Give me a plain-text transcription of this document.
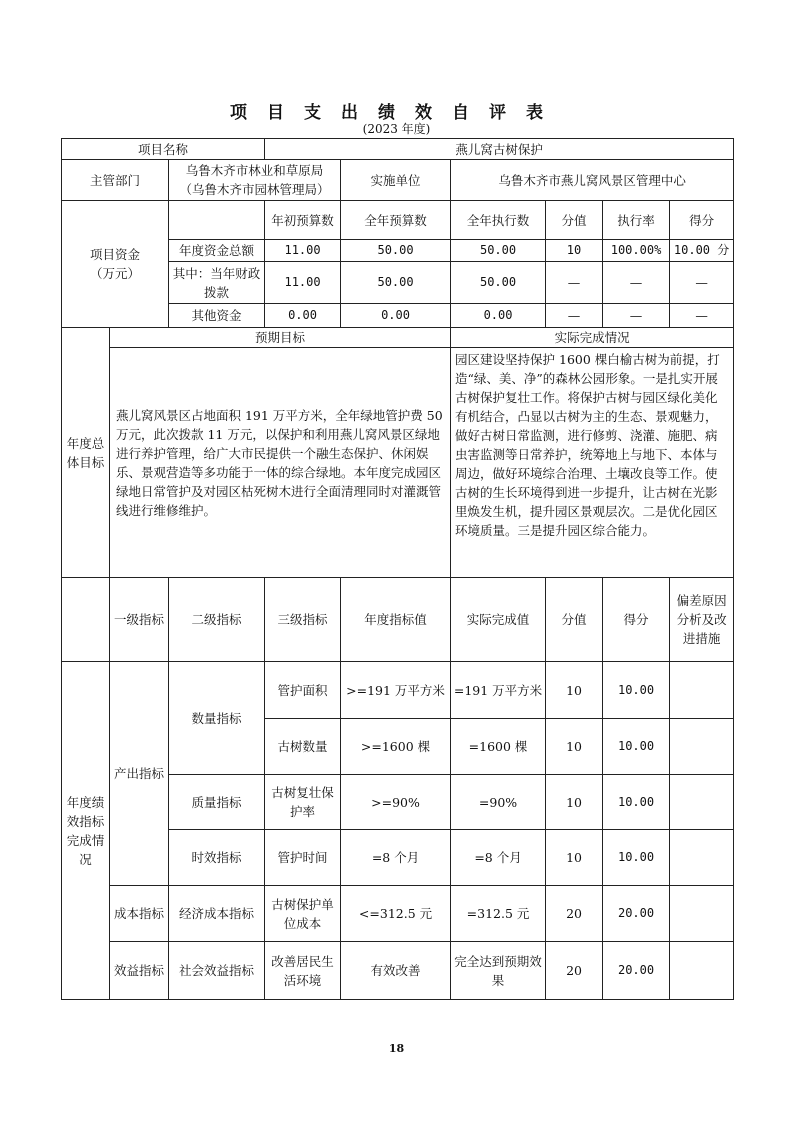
项目支出绩效自评表
(2023 年度)
项目名称			燕儿窝古树保护					
主管部门		乌鲁木齐市林业和草原局
（乌鲁木齐市园林管理局）		实施单位	乌鲁木齐市燕儿窝风景区管理中心			

项目资金
（万元）			年初预算数	全年预算数	全年执行数	分值	执行率	得分
		年度资金总额	11.00	50.00	50.00	10	100.00%	10.00 分
		其中：当年财政拨款	11.00	50.00	50.00	—	—	—
		其他资金	0.00	0.00	0.00	—	—	—
年度总体目标	预期目标				实际完成情况			
	燕儿窝风景区占地面积 191 万平方米，全年绿地管护费 50 万元，此次拨款 11 万元，以保护和利用燕儿窝风景区绿地进行养护管理，给广大市民提供一个融生态保护、休闲娱乐、景观营造等多功能于一体的综合绿地。本年度完成园区绿地日常管护及对园区枯死树木进行全面清理同时对灌溉管线进行维修维护。				园区建设坚持保护 1600 棵白榆古树为前提，打造“绿、美、净”的森林公园形象。一是扎实开展古树保护复壮工作。将保护古树与园区绿化美化有机结合，凸显以古树为主的生态、景观魅力，做好古树日常监测，进行修剪、浇灌、施肥、病虫害监测等日常养护，统筹地上与地下、本体与周边，做好环境综合治理、土壤改良等工作。使古树的生长环境得到进一步提升，让古树在光影里焕发生机，提升园区景观层次。二是优化园区环境质量。三是提升园区综合能力。			
	一级指标	二级指标	三级指标	年度指标值	实际完成值	分值	得分	偏差原因分析及改进措施
年度绩效指标完成情况	产出指标	数量指标	管护面积	>=191 万平方米	=191 万平方米	10	10.00	
			古树数量	>=1600 棵	=1600 棵	10	10.00	
		质量指标	古树复壮保护率	>=90%	=90%	10	10.00	
		时效指标	管护时间	=8 个月	=8 个月	10	10.00	
	成本指标	经济成本指标	古树保护单位成本	<=312.5 元	=312.5 元	20	20.00	
	效益指标	社会效益指标	改善居民生活环境	有效改善	完全达到预期效果	20	20.00	
18
